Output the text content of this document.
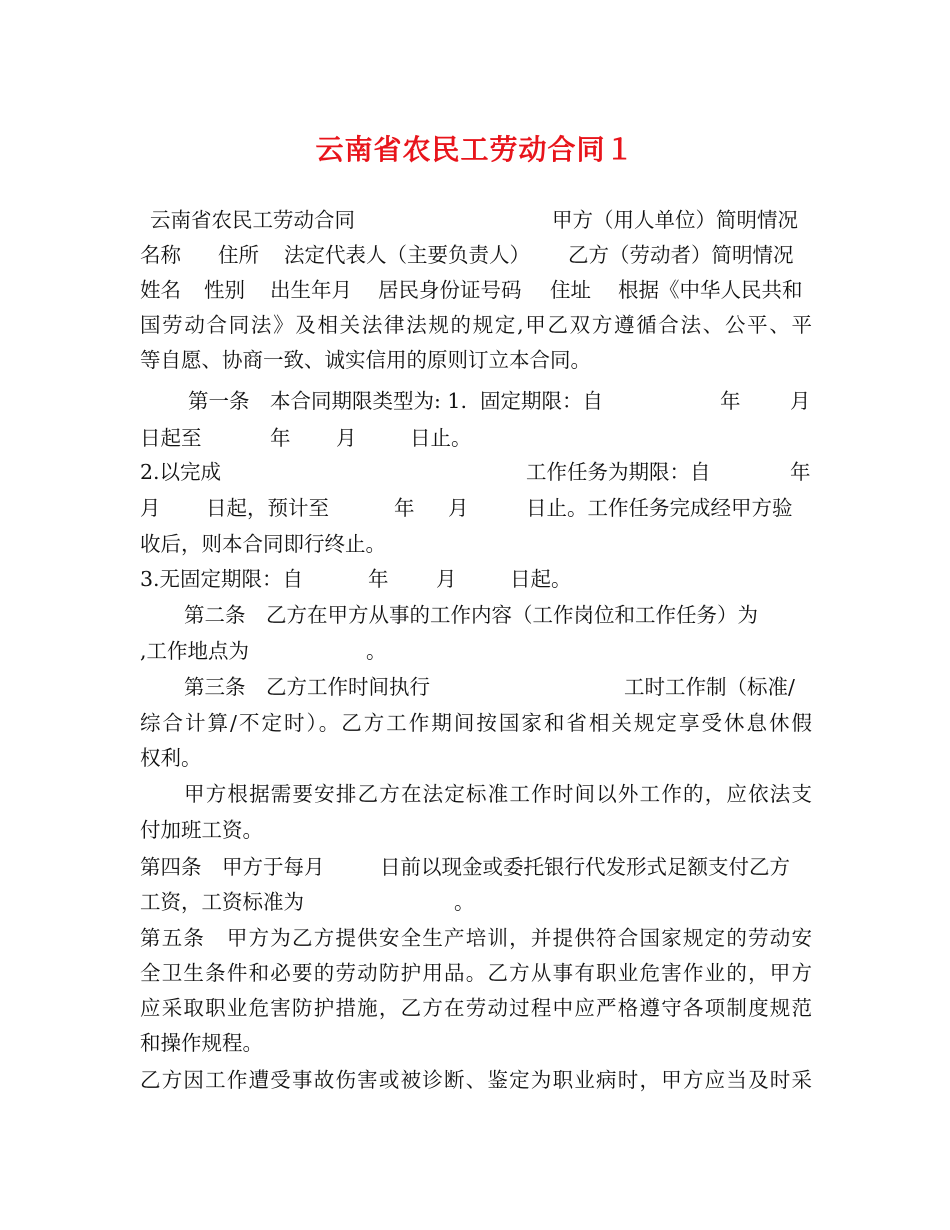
云南省农民工劳动合同１

云南省农民工劳动合同

	甲方（用人单位）简明情况

名称

住所

法定代表人（主要负责人）

乙方（劳动者）简明情况

姓名

性别

出生年月

居民身份证号码

住址

根据《中华人民共和

国劳动合同法》及相关法律法规的规定,甲乙双方遵循合法、公平、平
等自愿、协商一致、诚实信用的原则订立本合同。

第一条　本合同期限类型为: 1.  固定期限：自

	年

月

日起至

	年

月

	日止。

2.以完成

	工作任务为期限：自

	年

月

日起，预计至

	年

月

	日止。工作任务完成经甲方验

收后，则本合同即行终止。

3.无固定期限：自

	年

月

	日起。

第二条　乙方在甲方从事的工作内容（工作岗位和工作任务）为

,工作地点为

	。

第三条　乙方工作时间执行

	工时工作制（标准/

综合计算/不定时）。乙方工作期间按国家和省相关规定享受休息休假
权利。

甲方根据需要安排乙方在法定标准工作时间以外工作的，应依法支

付加班工资。

第四条　甲方于每月

	日前以现金或委托银行代发形式足额支付乙方

工资，工资标准为

	。

第五条　甲方为乙方提供安全生产培训，并提供符合国家规定的劳动安
全卫生条件和必要的劳动防护用品。乙方从事有职业危害作业的，甲方
应采取职业危害防护措施，乙方在劳动过程中应严格遵守各项制度规范
和操作规程。
乙方因工作遭受事故伤害或被诊断、鉴定为职业病时，甲方应当及时采
